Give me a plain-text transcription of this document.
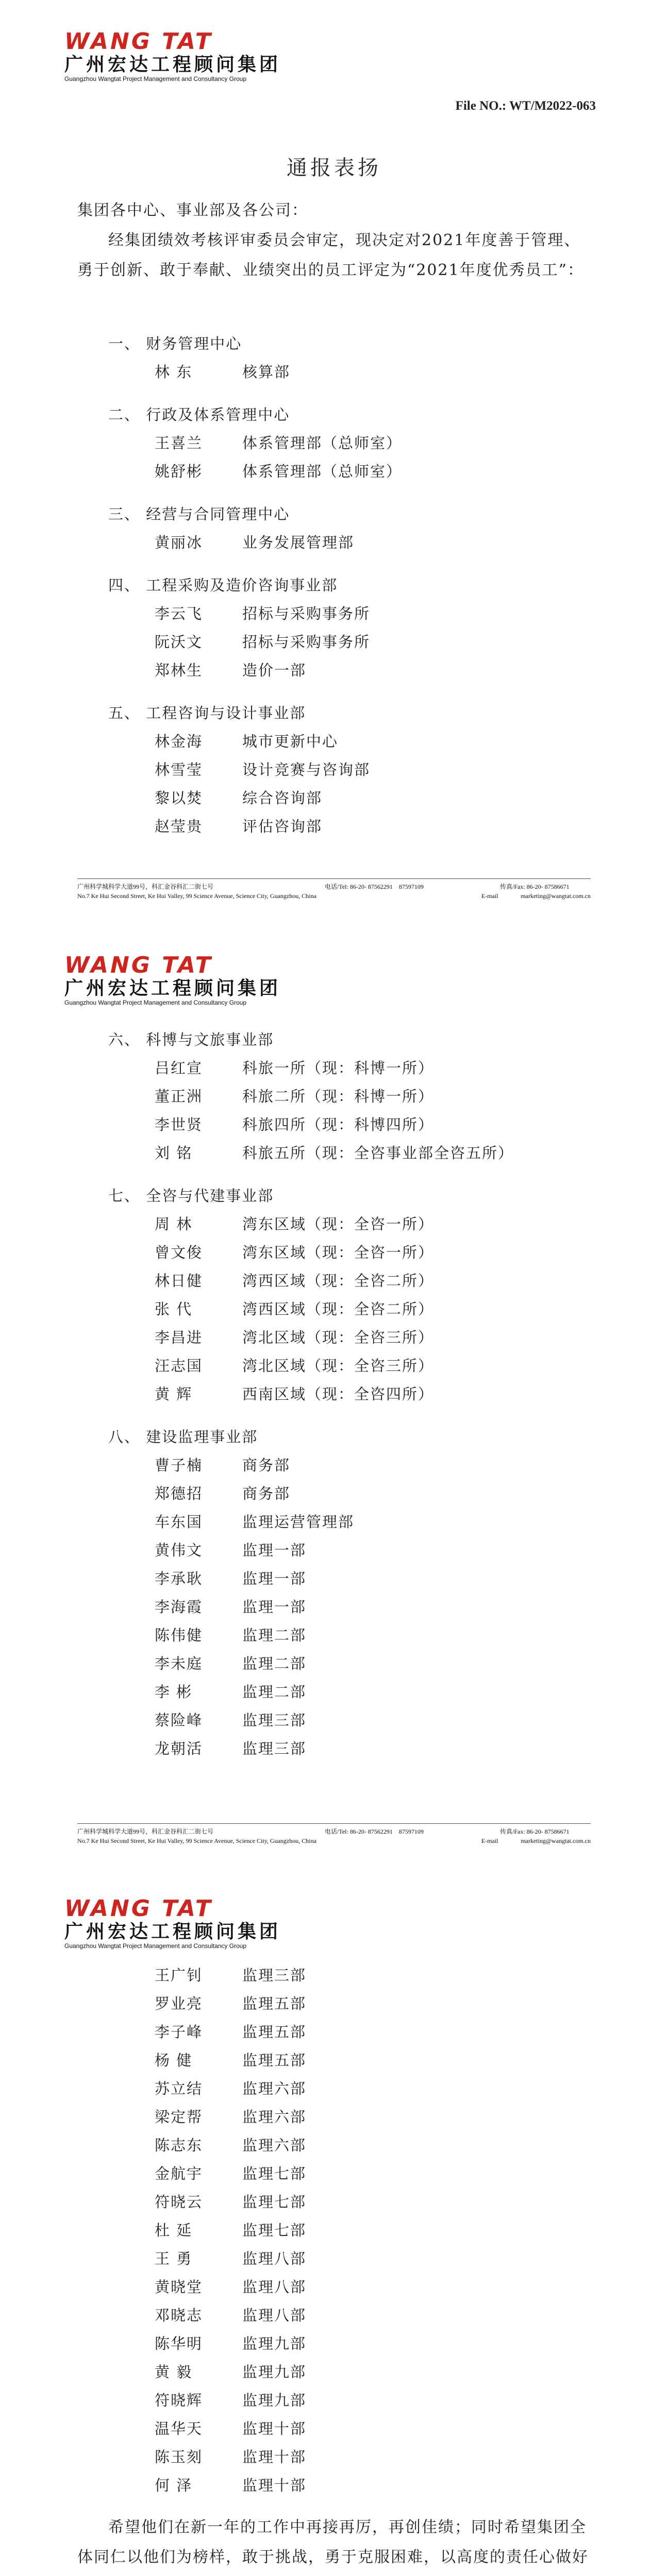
WANG TAT
广州宏达工程顾问集团
Guangzhou Wangtat Project Management and Consultancy Group
File NO.: WT/M2022-063
通报表扬
集团各中心、事业部及各公司：
经集团绩效考核评审委员会审定，现决定对2021年度善于管理、勇于创新、敢于奉献、业绩突出的员工评定为“2021年度优秀员工”：
一、 财务管理中心
林 东	核算部
二、 行政及体系管理中心
王喜兰	体系管理部（总师室）
姚舒彬	体系管理部（总师室）
三、 经营与合同管理中心
黄丽冰	业务发展管理部
四、 工程采购及造价咨询事业部
李云飞	招标与采购事务所
阮沃文	招标与采购事务所
郑林生	造价一部
五、 工程咨询与设计事业部
林金海	城市更新中心
林雪莹	设计竞赛与咨询部
黎以焚	综合咨询部
赵莹贵	评估咨询部
广州科学城科学大道99号，科汇金谷科汇二街七号	电话/Tel: 86-20- 87562291　87597109	传真/Fax: 86-20- 87586671
No.7 Ke Hui Second Street, Ke Hui Valley, 99 Science Avenue, Science City, Guangzhou, China	E-mail	marketing@wangtat.com.cn
WANG TAT
广州宏达工程顾问集团
Guangzhou Wangtat Project Management and Consultancy Group
六、 科博与文旅事业部
吕红宣	科旅一所（现：科博一所）
董正洲	科旅二所（现：科博一所）
李世贤	科旅四所（现：科博四所）
刘 铭	科旅五所（现：全咨事业部全咨五所）
七、 全咨与代建事业部
周 林	湾东区域（现：全咨一所）
曾文俊	湾东区域（现：全咨一所）
林日健	湾西区域（现：全咨二所）
张 代	湾西区域（现：全咨二所）
李昌进	湾北区域（现：全咨三所）
汪志国	湾北区域（现：全咨三所）
黄 辉	西南区域（现：全咨四所）
八、 建设监理事业部
曹子楠	商务部
郑德招	商务部
车东国	监理运营管理部
黄伟文	监理一部
李承耿	监理一部
李海霞	监理一部
陈伟健	监理二部
李未庭	监理二部
李 彬	监理二部
蔡险峰	监理三部
龙朝活	监理三部
广州科学城科学大道99号，科汇金谷科汇二街七号	电话/Tel: 86-20- 87562291　87597109	传真/Fax: 86-20- 87586671
No.7 Ke Hui Second Street, Ke Hui Valley, 99 Science Avenue, Science City, Guangzhou, China	E-mail	marketing@wangtat.com.cn
WANG TAT
广州宏达工程顾问集团
Guangzhou Wangtat Project Management and Consultancy Group
王广钊	监理三部
罗业亮	监理五部
李子峰	监理五部
杨 健	监理五部
苏立结	监理六部
梁定帮	监理六部
陈志东	监理六部
金航宇	监理七部
符晓云	监理七部
杜 延	监理七部
王 勇	监理八部
黄晓堂	监理八部
邓晓志	监理八部
陈华明	监理九部
黄 毅	监理九部
符晓辉	监理九部
温华天	监理十部
陈玉刻	监理十部
何 泽	监理十部
希望他们在新一年的工作中再接再厉，再创佳绩；同时希望集团全体同仁以他们为榜样，敢于挑战，勇于克服困难，以高度的责任心做好
